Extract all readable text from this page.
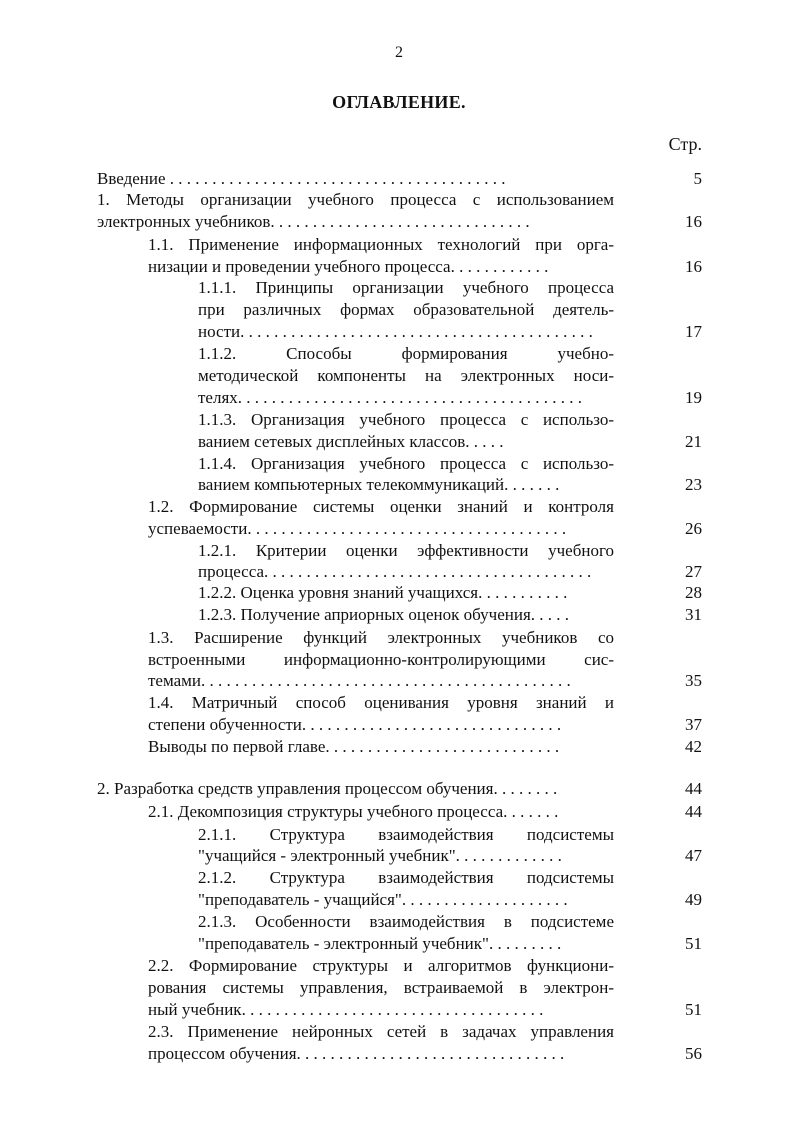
2
ОГЛАВЛЕНИЕ.
Стр.
Введение . . . . . . . . . . . . . . . . . . . . . . . . . . . . . . . . . . . . . . . .	5
1. Методы организации учебного процесса с использованием
электронных учебников. . . . . . . . . . . . . . . . . . . . . . . . . . . . . . .	16
1.1. Применение информационных технологий при орга-
низации и проведении учебного процесса. . . . . . . . . . . .	16
1.1.1. Принципы организации учебного процесса
при различных формах образовательной деятель-
ности. . . . . . . . . . . . . . . . . . . . . . . . . . . . . . . . . . . . . . . . . .	17
1.1.2. Способы формирования учебно-
методической компоненты на электронных носи-
телях. . . . . . . . . . . . . . . . . . . . . . . . . . . . . . . . . . . . . . . . .	19
1.1.3. Организация учебного процесса с использо-
ванием сетевых дисплейных классов. . . . .	21
1.1.4. Организация учебного процесса с использо-
ванием компьютерных телекоммуникаций. . . . . . .	23
1.2. Формирование системы оценки знаний и контроля
успеваемости. . . . . . . . . . . . . . . . . . . . . . . . . . . . . . . . . . . . . .	26
1.2.1. Критерии оценки эффективности учебного
процесса. . . . . . . . . . . . . . . . . . . . . . . . . . . . . . . . . . . . . . .	27
1.2.2. Оценка уровня знаний учащихся. . . . . . . . . . .	28
1.2.3. Получение априорных оценок обучения. . . . .	31
1.3. Расширение функций электронных учебников со
встроенными информационно-контролирующими сис-
темами. . . . . . . . . . . . . . . . . . . . . . . . . . . . . . . . . . . . . . . . . . . .	35
1.4. Матричный способ оценивания уровня знаний и
степени обученности. . . . . . . . . . . . . . . . . . . . . . . . . . . . . . .	37
Выводы по первой главе. . . . . . . . . . . . . . . . . . . . . . . . . . . .	42
2. Разработка средств управления процессом обучения. . . . . . . .	44
2.1. Декомпозиция структуры учебного процесса. . . . . . .	44
2.1.1. Структура взаимодействия подсистемы
"учащийся - электронный учебник". . . . . . . . . . . . .	47
2.1.2. Структура взаимодействия подсистемы
"преподаватель - учащийся". . . . . . . . . . . . . . . . . . . .	49
2.1.3. Особенности взаимодействия в подсистеме
"преподаватель - электронный учебник". . . . . . . . .	51
2.2. Формирование структуры и алгоритмов функциони-
рования системы управления, встраиваемой в электрон-
ный учебник. . . . . . . . . . . . . . . . . . . . . . . . . . . . . . . . . . . .	51
2.3. Применение нейронных сетей в задачах управления
процессом обучения. . . . . . . . . . . . . . . . . . . . . . . . . . . . . . . .	56
